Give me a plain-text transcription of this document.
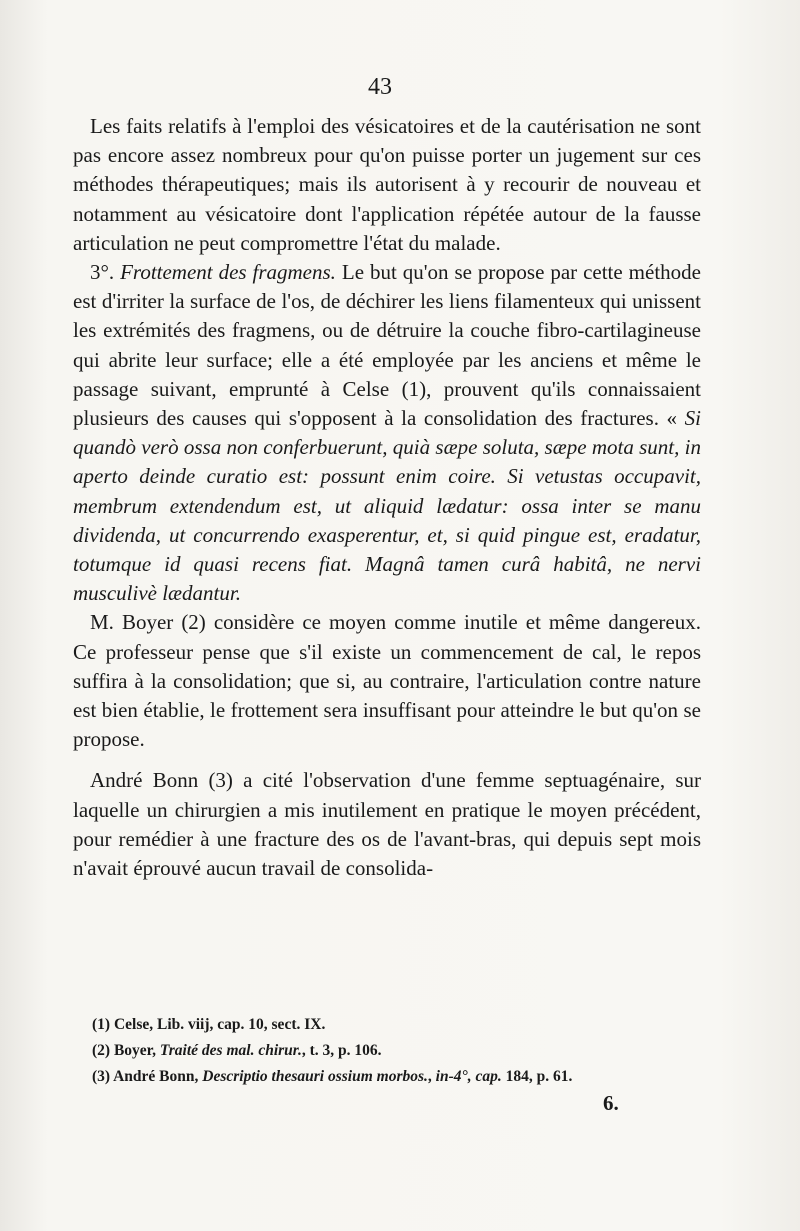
43

Les faits relatifs à l'emploi des vésicatoires et de la cautérisation ne sont pas encore assez nombreux pour qu'on puisse porter un jugement sur ces méthodes thérapeutiques; mais ils autorisent à y recourir de nouveau et notamment au vésicatoire dont l'application répétée autour de la fausse articulation ne peut compromettre l'état du malade.

3°. Frottement des fragmens. Le but qu'on se propose par cette méthode est d'irriter la surface de l'os, de déchirer les liens filamenteux qui unissent les extrémités des fragmens, ou de détruire la couche fibro-cartilagineuse qui abrite leur surface; elle a été employée par les anciens et même le passage suivant, emprunté à Celse (1), prouvent qu'ils connaissaient plusieurs des causes qui s'opposent à la consolidation des fractures. « Si quandò verò ossa non conferbuerunt, quià sæpe soluta, sæpe mota sunt, in aperto deinde curatio est: possunt enim coire. Si vetustas occupavit, membrum extendendum est, ut aliquid lædatur: ossa inter se manu dividenda, ut concurrendo exasperentur, et, si quid pingue est, eradatur, totumque id quasi recens fiat. Magnâ tamen curâ habitâ, ne nervi musculivè lædantur.

M. Boyer (2) considère ce moyen comme inutile et même dangereux. Ce professeur pense que s'il existe un commencement de cal, le repos suffira à la consolidation; que si, au contraire, l'articulation contre nature est bien établie, le frottement sera insuffisant pour atteindre le but qu'on se propose.

André Bonn (3) a cité l'observation d'une femme septuagénaire, sur laquelle un chirurgien a mis inutilement en pratique le moyen précédent, pour remédier à une fracture des os de l'avant-bras, qui depuis sept mois n'avait éprouvé aucun travail de consolida-

(1) Celse, Lib. viij, cap. 10, sect. IX.
(2) Boyer, Traité des mal. chirur., t. 3, p. 106.
(3) André Bonn, Descriptio thesauri ossium morbos., in-4°, cap. 184, p. 61.
6.
